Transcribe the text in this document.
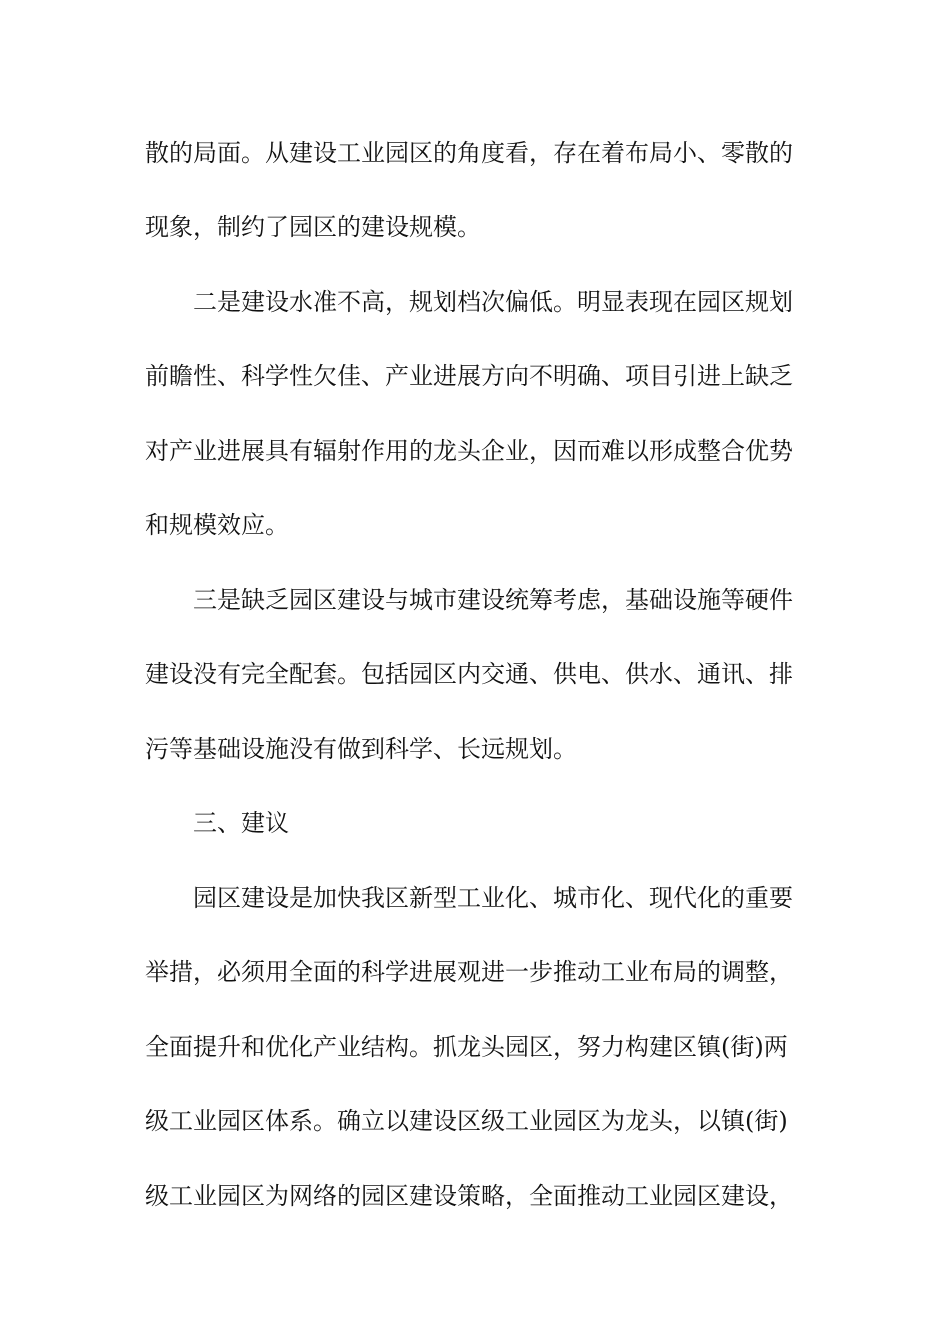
散的局面。从建设工业园区的角度看，存在着布局小、零散的
现象，制约了园区的建设规模。
二是建设水准不高，规划档次偏低。明显表现在园区规划
前瞻性、科学性欠佳、产业进展方向不明确、项目引进上缺乏
对产业进展具有辐射作用的龙头企业，因而难以形成整合优势
和规模效应。
三是缺乏园区建设与城市建设统筹考虑，基础设施等硬件
建设没有完全配套。包括园区内交通、供电、供水、通讯、排
污等基础设施没有做到科学、长远规划。
三、建议
园区建设是加快我区新型工业化、城市化、现代化的重要
举措，必须用全面的科学进展观进一步推动工业布局的调整，
全面提升和优化产业结构。抓龙头园区，努力构建区镇(街)两
级工业园区体系。确立以建设区级工业园区为龙头，以镇(街)
级工业园区为网络的园区建设策略，全面推动工业园区建设，
